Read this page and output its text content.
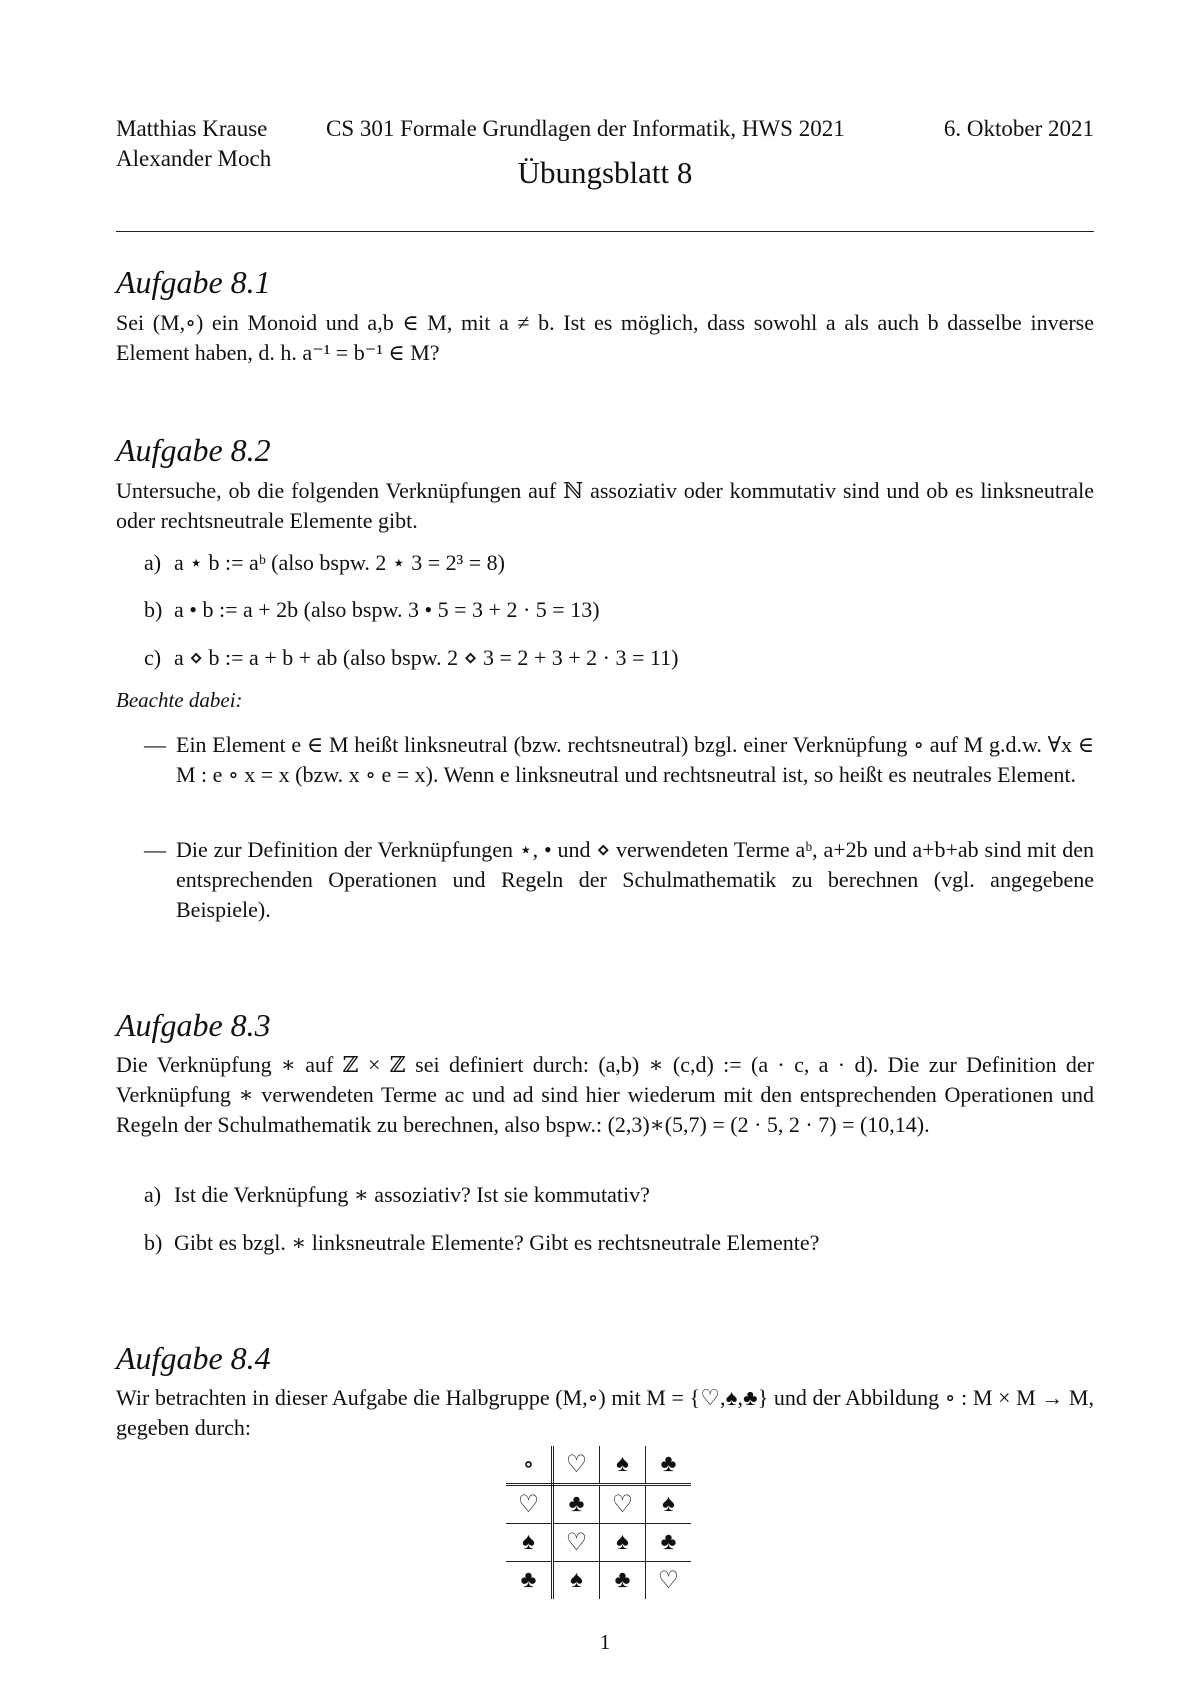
Matthias Krause
Alexander Moch
CS 301 Formale Grundlagen der Informatik, HWS 2021	6. Oktober 2021
Übungsblatt 8
Aufgabe 8.1
Sei (M,∘) ein Monoid und a,b ∈ M, mit a ≠ b. Ist es möglich, dass sowohl a als auch b dasselbe inverse Element haben, d. h. a⁻¹ = b⁻¹ ∈ M?
Aufgabe 8.2
Untersuche, ob die folgenden Verknüpfungen auf ℕ assoziativ oder kommutativ sind und ob es linksneutrale oder rechtsneutrale Elemente gibt.
a) a ⋆ b := aᵇ (also bspw. 2 ⋆ 3 = 2³ = 8)
b) a • b := a + 2b (also bspw. 3 • 5 = 3 + 2 · 5 = 13)
c) a ⋄ b := a + b + ab (also bspw. 2 ⋄ 3 = 2 + 3 + 2 · 3 = 11)
Beachte dabei:
— Ein Element e ∈ M heißt linksneutral (bzw. rechtsneutral) bzgl. einer Verknüpfung ∘ auf M g.d.w. ∀x ∈ M : e ∘ x = x (bzw. x ∘ e = x). Wenn e linksneutral und rechtsneutral ist, so heißt es neutrales Element.
— Die zur Definition der Verknüpfungen ⋆, • und ⋄ verwendeten Terme aᵇ, a+2b und a+b+ab sind mit den entsprechenden Operationen und Regeln der Schulmathematik zu berechnen (vgl. angegebene Beispiele).
Aufgabe 8.3
Die Verknüpfung ∗ auf ℤ × ℤ sei definiert durch: (a,b) ∗ (c,d) := (a · c, a · d). Die zur Definition der Verknüpfung ∗ verwendeten Terme ac und ad sind hier wiederum mit den entsprechenden Operationen und Regeln der Schulmathematik zu berechnen, also bspw.: (2,3)∗(5,7) = (2 · 5, 2 · 7) = (10,14).
a) Ist die Verknüpfung ∗ assoziativ? Ist sie kommutativ?
b) Gibt es bzgl. ∗ linksneutrale Elemente? Gibt es rechtsneutrale Elemente?
Aufgabe 8.4
Wir betrachten in dieser Aufgabe die Halbgruppe (M,∘) mit M = {♡,♠,♣} und der Abbildung ∘ : M × M → M, gegeben durch:
∘	♡	♠	♣
♡	♣	♡	♠
♠	♡	♠	♣
♣	♠	♣	♡
1
